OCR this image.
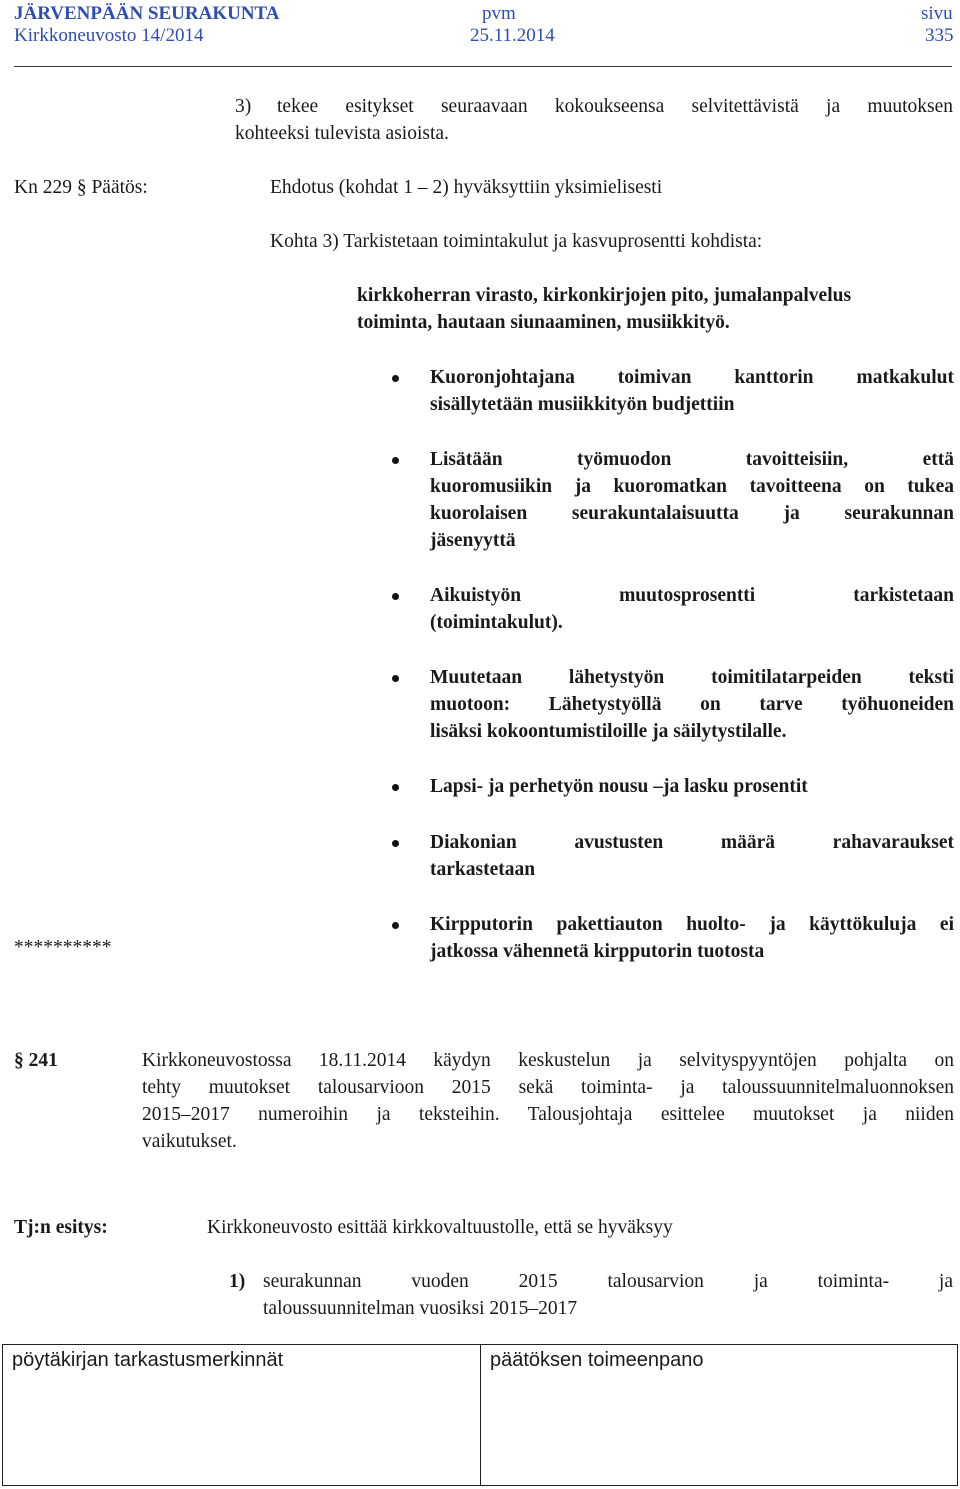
JÄRVENPÄÄN SEURAKUNTA
Kirkkoneuvosto 14/2014
pvm
25.11.2014
sivu
335
3) tekee esitykset seuraavaan kokoukseensa selvitettävistä ja muutoksen
kohteeksi tulevista asioista.
Kn 229 § Päätös:	Ehdotus (kohdat 1 – 2) hyväksyttiin yksimielisesti
Kohta 3) Tarkistetaan toimintakulut ja kasvuprosentti kohdista:
kirkkoherran virasto, kirkonkirjojen pito, jumalanpalvelus
toiminta, hautaan siunaaminen, musiikkityö.
Kuoronjohtajana toimivan kanttorin matkakulut
sisällytetään musiikkityön budjettiin
Lisätään työmuodon tavoitteisiin, että
kuoromusiikin ja kuoromatkan tavoitteena on tukea
kuorolaisen seurakuntalaisuutta ja seurakunnan
jäsenyyttä
Aikuistyön muutosprosentti tarkistetaan
(toimintakulut).
Muutetaan lähetystyön toimitilatarpeiden teksti
muotoon: Lähetystyöllä on tarve työhuoneiden
lisäksi kokoontumistiloille ja säilytystilalle.
Lapsi- ja perhetyön nousu –ja lasku prosentit
Diakonian avustusten määrä rahavaraukset
tarkastetaan
Kirpputorin pakettiauton huolto- ja käyttökuluja ei
jatkossa vähennetä kirpputorin tuotosta
**********
§ 241	Kirkkoneuvostossa 18.11.2014 käydyn keskustelun ja selvityspyyntöjen pohjalta on
tehty muutokset talousarvioon 2015 sekä toiminta- ja taloussuunnitelmaluonnoksen
2015–2017 numeroihin ja teksteihin. Talousjohtaja esittelee muutokset ja niiden
vaikutukset.
Tj:n esitys:	Kirkkoneuvosto esittää kirkkovaltuustolle, että se hyväksyy
1) seurakunnan vuoden 2015 talousarvion ja toiminta- ja
taloussuunnitelman vuosiksi 2015–2017
pöytäkirjan tarkastusmerkinnät	päätöksen toimeenpano
